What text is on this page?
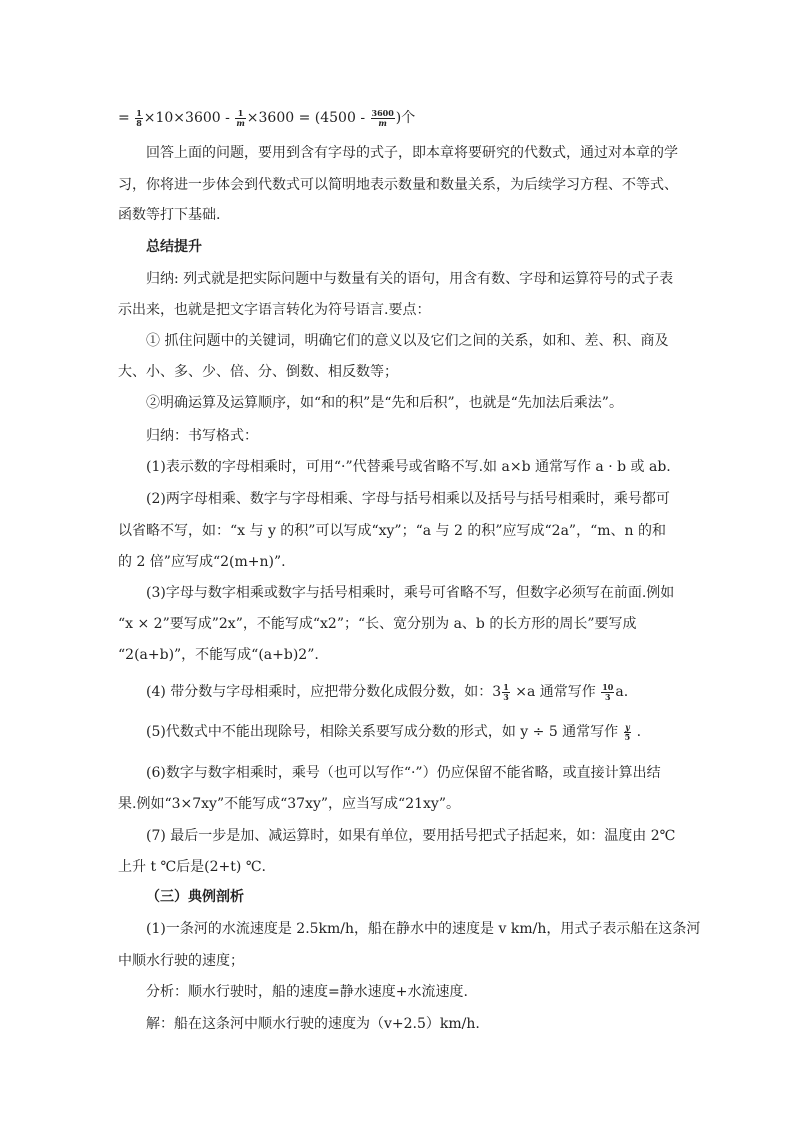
= $\frac{1}{8} \times 10\times 3600 - \frac{1}{m} \times 3600 = (4500 - \frac{3600}{m}$ )个
回答上面的问题，要用到含有字母的式子，即本章将要研究的代数式，通过对本章的学
习，你将进一步体会到代数式可以简明地表示数量和数量关系，为后续学习方程、不等式、
函数等打下基础.
总结提升
归纳: 列式就是把实际问题中与数量有关的语句，用含有数、字母和运算符号的式子表
示出来，也就是把文字语言转化为符号语言.要点：
① 抓住问题中的关键词，明确它们的意义以及它们之间的关系，如和、差、积、商及
大、小、多、少、倍、分、倒数、相反数等；
②明确运算及运算顺序，如“和的积”是“先和后积”，也就是“先加法后乘法”。
归纳：书写格式：
(1)表示数的字母相乘时，可用“·”代替乘号或省略不写.如 a×b 通常写作 a · b 或 ab.
(2)两字母相乘、数字与字母相乘、字母与括号相乘以及括号与括号相乘时，乘号都可
以省略不写，如：“x 与 y 的积”可以写成“xy”；“a 与 2 的积”应写成“2a”，“m、n 的和
的 2 倍”应写成“2(m+n)”.
(3)字母与数字相乘或数字与括号相乘时，乘号可省略不写，但数字必须写在前面.例如
“x × 2”要写成”2x”，不能写成“x2”；“长、宽分别为 a、b 的长方形的周长”要写成
“2(a+b)”，不能写成“(a+b)2”.
(4) 带分数与字母相乘时，应把带分数化成假分数，如：$3 \frac{1}{3} \times a$ 通常写作 $\frac{10}{3} a$.
(5)代数式中不能出现除号，相除关系要写成分数的形式，如 y ÷ 5 通常写作 $\frac{y}{5}$ .
(6)数字与数字相乘时，乘号（也可以写作“·”）仍应保留不能省略，或直接计算出结
果.例如“3×7xy”不能写成“37xy”，应当写成“21xy”。
(7) 最后一步是加、减运算时，如果有单位，要用括号把式子括起来，如：温度由 2℃
上升 t ℃后是(2+t) ℃.
（三）典例剖析
(1)一条河的水流速度是 2.5km/h，船在静水中的速度是 v km/h，用式子表示船在这条河
中顺水行驶的速度；
分析：顺水行驶时，船的速度=静水速度+水流速度.
解：船在这条河中顺水行驶的速度为（v+2.5）km/h.
